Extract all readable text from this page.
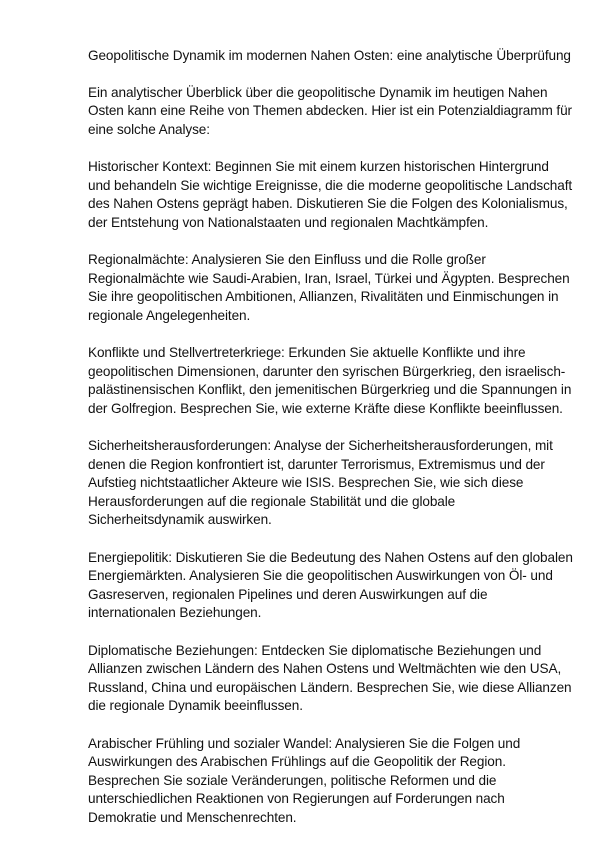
Geopolitische Dynamik im modernen Nahen Osten: eine analytische Überprüfung

Ein analytischer Überblick über die geopolitische Dynamik im heutigen Nahen Osten kann eine Reihe von Themen abdecken. Hier ist ein Potenzialdiagramm für eine solche Analyse:

Historischer Kontext: Beginnen Sie mit einem kurzen historischen Hintergrund und behandeln Sie wichtige Ereignisse, die die moderne geopolitische Landschaft des Nahen Ostens geprägt haben. Diskutieren Sie die Folgen des Kolonialismus, der Entstehung von Nationalstaaten und regionalen Machtkämpfen.

Regionalmächte: Analysieren Sie den Einfluss und die Rolle großer Regionalmächte wie Saudi-Arabien, Iran, Israel, Türkei und Ägypten. Besprechen Sie ihre geopolitischen Ambitionen, Allianzen, Rivalitäten und Einmischungen in regionale Angelegenheiten.

Konflikte und Stellvertreterkriege: Erkunden Sie aktuelle Konflikte und ihre geopolitischen Dimensionen, darunter den syrischen Bürgerkrieg, den israelisch-palästinensischen Konflikt, den jemenitischen Bürgerkrieg und die Spannungen in der Golfregion. Besprechen Sie, wie externe Kräfte diese Konflikte beeinflussen.

Sicherheitsherausforderungen: Analyse der Sicherheitsherausforderungen, mit denen die Region konfrontiert ist, darunter Terrorismus, Extremismus und der Aufstieg nichtstaatlicher Akteure wie ISIS. Besprechen Sie, wie sich diese Herausforderungen auf die regionale Stabilität und die globale Sicherheitsdynamik auswirken.

Energiepolitik: Diskutieren Sie die Bedeutung des Nahen Ostens auf den globalen Energiemärkten. Analysieren Sie die geopolitischen Auswirkungen von Öl- und Gasreserven, regionalen Pipelines und deren Auswirkungen auf die internationalen Beziehungen.

Diplomatische Beziehungen: Entdecken Sie diplomatische Beziehungen und Allianzen zwischen Ländern des Nahen Ostens und Weltmächten wie den USA, Russland, China und europäischen Ländern. Besprechen Sie, wie diese Allianzen die regionale Dynamik beeinflussen.

Arabischer Frühling und sozialer Wandel: Analysieren Sie die Folgen und Auswirkungen des Arabischen Frühlings auf die Geopolitik der Region. Besprechen Sie soziale Veränderungen, politische Reformen und die unterschiedlichen Reaktionen von Regierungen auf Forderungen nach Demokratie und Menschenrechten.
